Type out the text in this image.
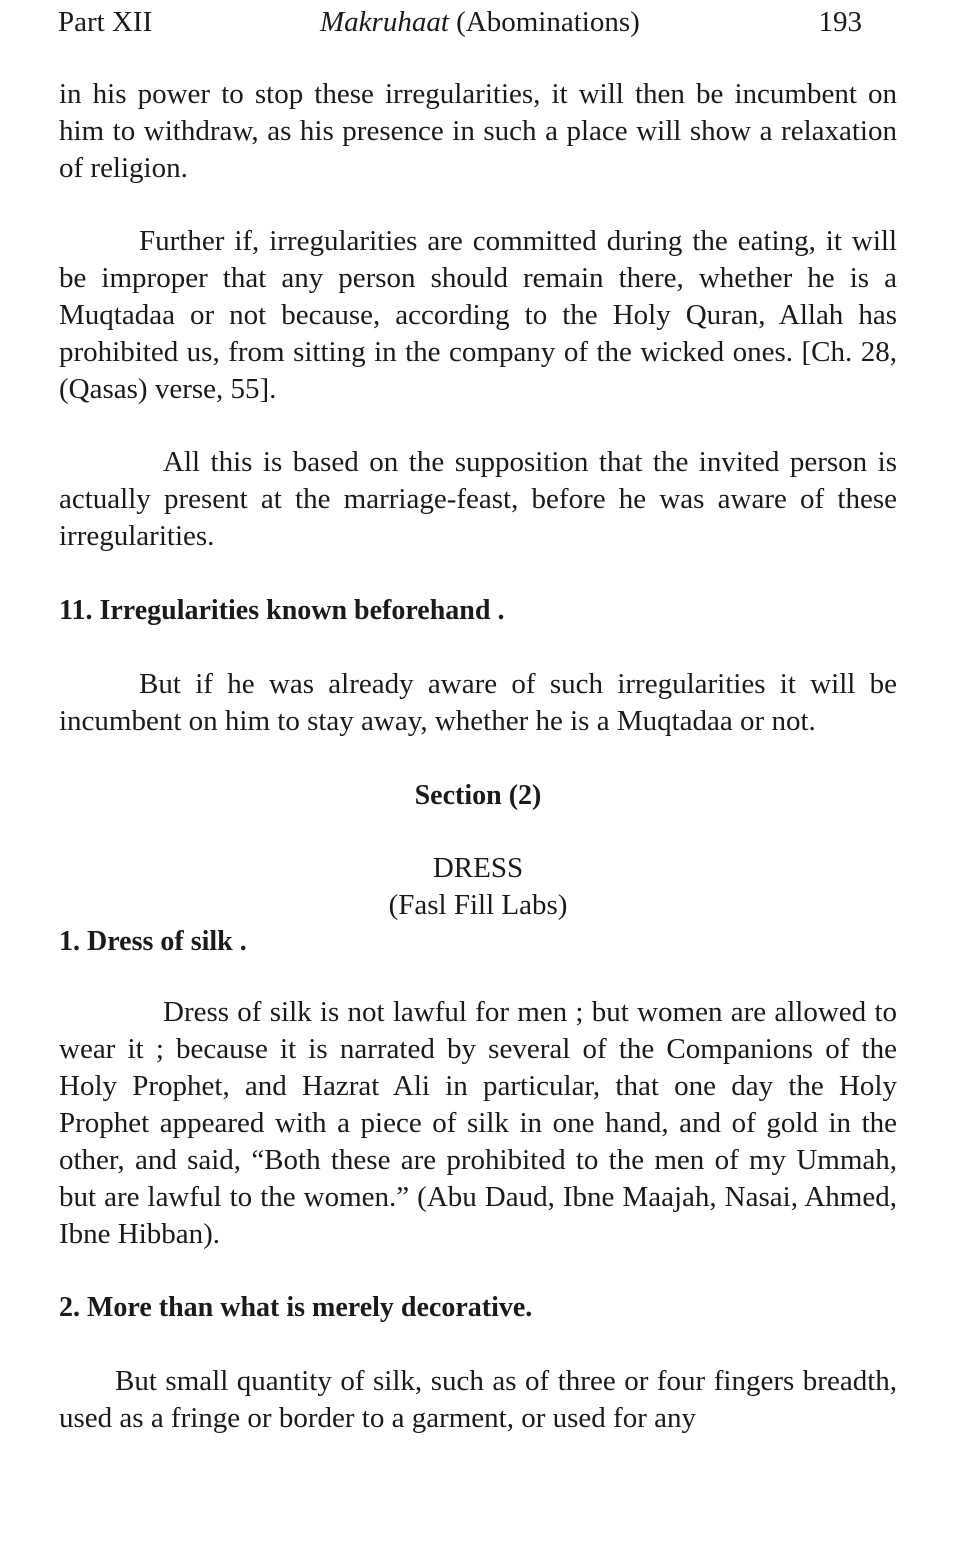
Part XII	Makruhaat (Abominations)	193

in his power to stop these irregularities, it will then be incumbent on him to withdraw, as his presence in such a place will show a relaxation of religion.

Further if, irregularities are committed during the eating, it will be improper that any person should remain there, whether he is a Muqtadaa or not because, according to the Holy Quran, Allah has prohibited us, from sitting in the company of the wicked ones. [Ch. 28, (Qasas) verse, 55].

All this is based on the supposition that the invited person is actually present at the marriage-feast, before he was aware of these irregularities.

11. Irregularities known beforehand .

But if he was already aware of such irregularities it will be incumbent on him to stay away, whether he is a Muqtadaa or not.

Section (2)

DRESS

(Fasl Fill Labs)

1. Dress of silk .

Dress of silk is not lawful for men ; but women are allowed to wear it ; because it is narrated by several of the Companions of the Holy Prophet, and Hazrat Ali in particular, that one day the Holy Prophet appeared with a piece of silk in one hand, and of gold in the other, and said, “Both these are prohibited to the men of my Ummah, but are lawful to the women.” (Abu Daud, Ibne Maajah, Nasai, Ahmed, Ibne Hibban).

2. More than what is merely decorative.

But small quantity of silk, such as of three or four fingers breadth, used as a fringe or border to a garment, or used for any
